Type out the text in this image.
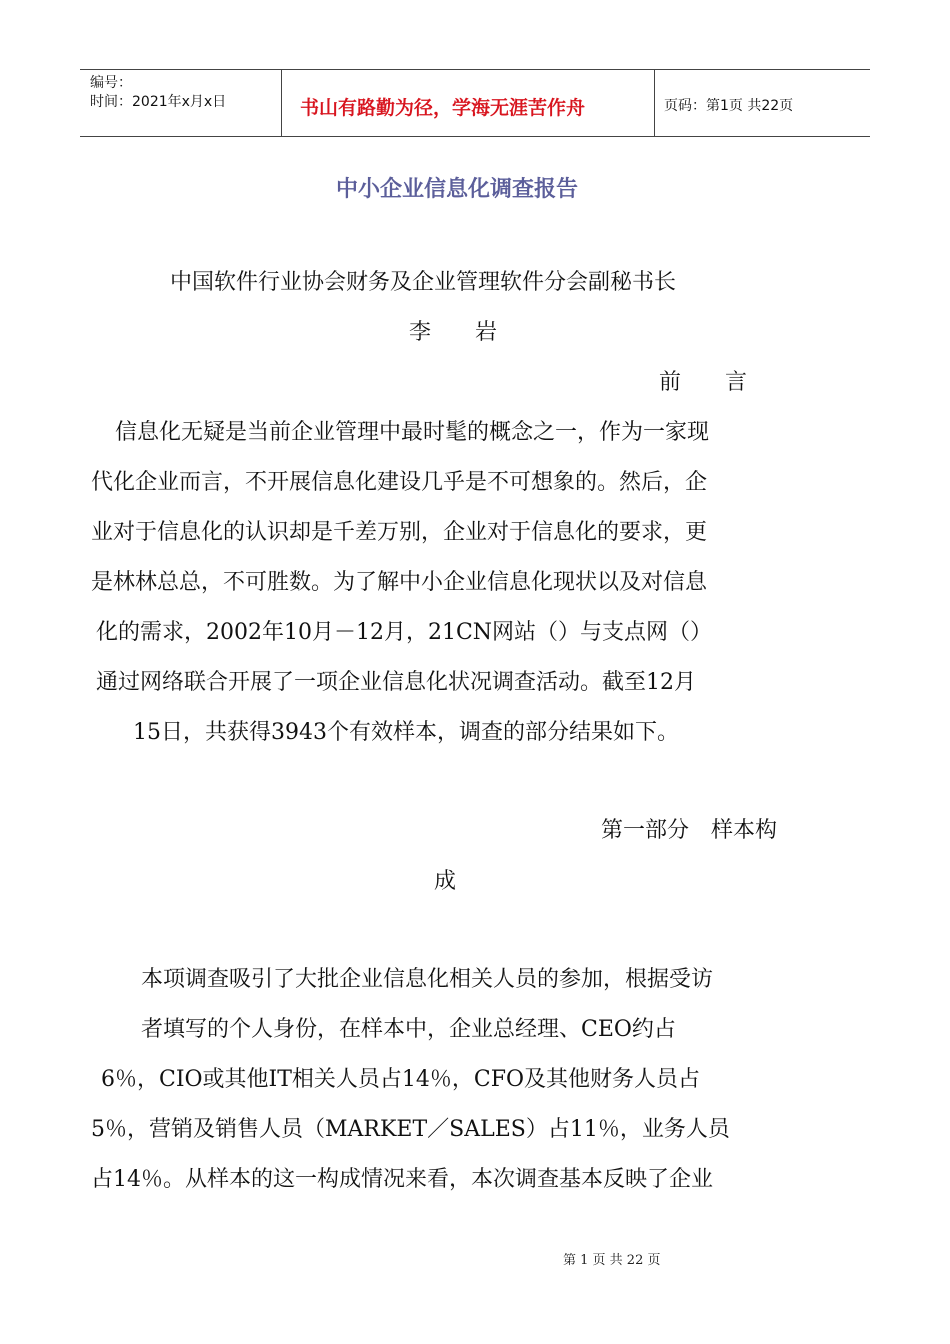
编号：
时间：2021年x月x日	书山有路勤为径，学海无涯苦作舟	页码：第1页 共22页
中小企业信息化调查报告
中国软件行业协会财务及企业管理软件分会副秘书长
李　　岩
前　　言
信息化无疑是当前企业管理中最时髦的概念之一，作为一家现
代化企业而言，不开展信息化建设几乎是不可想象的。然后，企
业对于信息化的认识却是千差万别，企业对于信息化的要求，更
是林林总总，不可胜数。为了解中小企业信息化现状以及对信息
化的需求，2002年10月－12月，21CN网站（）与支点网（）
通过网络联合开展了一项企业信息化状况调查活动。截至12月
15日，共获得3943个有效样本，调查的部分结果如下。
第一部分　样本构
成
本项调查吸引了大批企业信息化相关人员的参加，根据受访
者填写的个人身份，在样本中，企业总经理、CEO约占
6％，CIO或其他IT相关人员占14％，CFO及其他财务人员占
5％，营销及销售人员（MARKET／SALES）占11％，业务人员
占14％。从样本的这一构成情况来看，本次调查基本反映了企业
第 1 页 共 22 页
